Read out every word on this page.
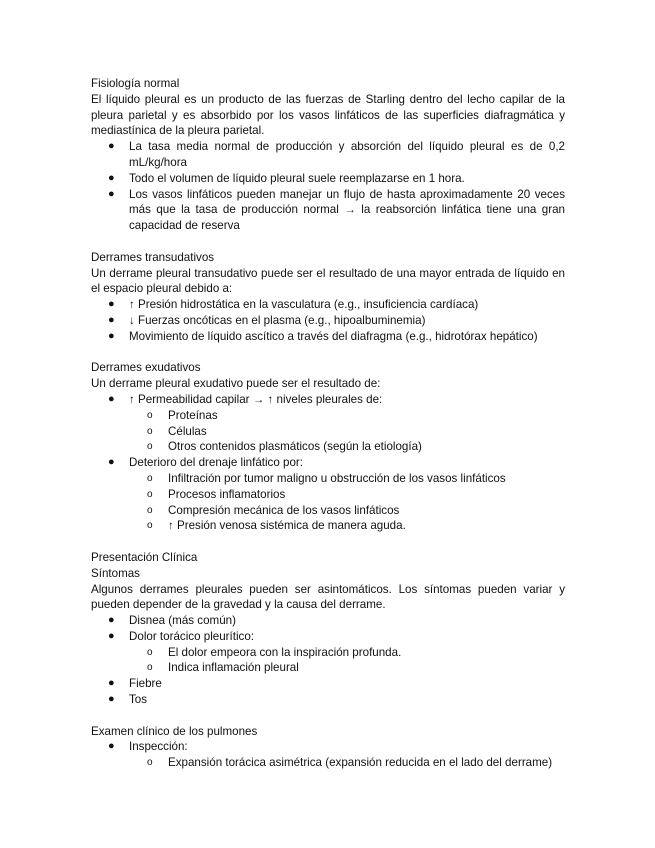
Fisiología normal

El líquido pleural es un producto de las fuerzas de Starling dentro del lecho capilar de la pleura parietal y es absorbido por los vasos linfáticos de las superficies diafragmática y mediastínica de la pleura parietal.

● La tasa media normal de producción y absorción del líquido pleural es de 0,2 mL/kg/hora
● Todo el volumen de líquido pleural suele reemplazarse en 1 hora.
● Los vasos linfáticos pueden manejar un flujo de hasta aproximadamente 20 veces más que la tasa de producción normal → la reabsorción linfática tiene una gran capacidad de reserva
Derrames transudativos

Un derrame pleural transudativo puede ser el resultado de una mayor entrada de líquido en el espacio pleural debido a:

● ↑ Presión hidrostática en la vasculatura (e.g., insuficiencia cardíaca)
● ↓ Fuerzas oncóticas en el plasma (e.g., hipoalbuminemia)
● Movimiento de líquido ascítico a través del diafragma (e.g., hidrotórax hepático)
Derrames exudativos

Un derrame pleural exudativo puede ser el resultado de:

● ↑ Permeabilidad capilar → ↑ niveles pleurales de:
o Proteínas
o Células
o Otros contenidos plasmáticos (según la etiología)
● Deterioro del drenaje linfático por:
o Infiltración por tumor maligno u obstrucción de los vasos linfáticos
o Procesos inflamatorios
o Compresión mecánica de los vasos linfáticos
o ↑ Presión venosa sistémica de manera aguda.
Presentación Clínica
Síntomas

Algunos derrames pleurales pueden ser asintomáticos. Los síntomas pueden variar y pueden depender de la gravedad y la causa del derrame.

● Disnea (más común)
● Dolor torácico pleurítico:
o El dolor empeora con la inspiración profunda.
o Indica inflamación pleural
● Fiebre
● Tos
Examen clínico de los pulmones
● Inspección:
o Expansión torácica asimétrica (expansión reducida en el lado del derrame)
